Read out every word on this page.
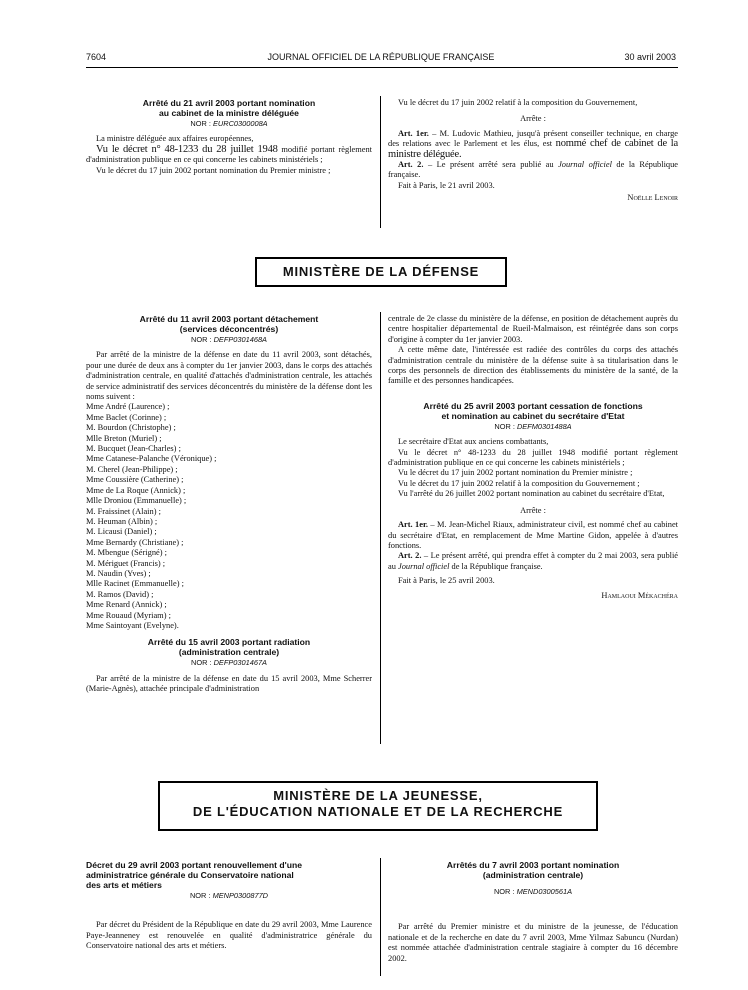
7604	JOURNAL OFFICIEL DE LA RÉPUBLIQUE FRANÇAISE	30 avril 2003
Arrêté du 21 avril 2003 portant nomination
au cabinet de la ministre déléguée
NOR : EURC0300008A

La ministre déléguée aux affaires européennes,

Vu le décret n° 48-1233 du 28 juillet 1948 modifié portant règlement d'administration publique en ce qui concerne les cabinets ministériels ;

Vu le décret du 17 juin 2002 portant nomination du Premier ministre ;

Vu le décret du 17 juin 2002 relatif à la composition du Gouvernement,

Arrête :

Art. 1er. – M. Ludovic Mathieu, jusqu'à présent conseiller technique, en charge des relations avec le Parlement et les élus, est nommé chef de cabinet de la ministre déléguée.

Art. 2. – Le présent arrêté sera publié au Journal officiel de la République française.

Fait à Paris, le 21 avril 2003.

Noëlle Lenoir
MINISTÈRE DE LA DÉFENSE
Arrêté du 11 avril 2003 portant détachement
(services déconcentrés)
NOR : DEFP0301468A

Par arrêté de la ministre de la défense en date du 11 avril 2003, sont détachés, pour une durée de deux ans à compter du 1er janvier 2003, dans le corps des attachés d'administration centrale, en qualité d'attachés d'administration centrale, les attachés de service administratif des services déconcentrés du ministère de la défense dont les noms suivent :

Mme André (Laurence) ;
Mme Baclet (Corinne) ;
M. Bourdon (Christophe) ;
Mlle Breton (Muriel) ;
M. Bucquet (Jean-Charles) ;
Mme Catanese-Palanche (Véronique) ;
M. Cherel (Jean-Philippe) ;
Mme Coussière (Catherine) ;
Mme de La Roque (Annick) ;
Mlle Droniou (Emmanuelle) ;
M. Fraissinet (Alain) ;
M. Heuman (Albin) ;
M. Licausi (Daniel) ;
Mme Bernardy (Christiane) ;
M. Mbengue (Sérigné) ;
M. Mériguet (Francis) ;
M. Naudin (Yves) ;
Mlle Racinet (Emmanuelle) ;
M. Ramos (David) ;
Mme Renard (Annick) ;
Mme Rouaud (Myriam) ;
Mme Saintoyant (Evelyne).
Arrêté du 15 avril 2003 portant radiation
(administration centrale)
NOR : DEFP0301467A

Par arrêté de la ministre de la défense en date du 15 avril 2003, Mme Scherrer (Marie-Agnès), attachée principale d'administration

centrale de 2e classe du ministère de la défense, en position de détachement auprès du centre hospitalier départemental de Rueil-Malmaison, est réintégrée dans son corps d'origine à compter du 1er janvier 2003.

A cette même date, l'intéressée est radiée des contrôles du corps des attachés d'administration centrale du ministère de la défense suite à sa titularisation dans le corps des personnels de direction des établissements du ministère de la santé, de la famille et des personnes handicapées.

Arrêté du 25 avril 2003 portant cessation de fonctions
et nomination au cabinet du secrétaire d'Etat
NOR : DEFM0301488A

Le secrétaire d'Etat aux anciens combattants,

Vu le décret n° 48-1233 du 28 juillet 1948 modifié portant règlement d'administration publique en ce qui concerne les cabinets ministériels ;

Vu le décret du 17 juin 2002 portant nomination du Premier ministre ;

Vu le décret du 17 juin 2002 relatif à la composition du Gouvernement ;

Vu l'arrêté du 26 juillet 2002 portant nomination au cabinet du secrétaire d'Etat,

Arrête :

Art. 1er. – M. Jean-Michel Riaux, administrateur civil, est nommé chef au cabinet du secrétaire d'Etat, en remplacement de Mme Martine Gidon, appelée à d'autres fonctions.

Art. 2. – Le présent arrêté, qui prendra effet à compter du 2 mai 2003, sera publié au Journal officiel de la République française.

Fait à Paris, le 25 avril 2003.

Hamlaoui Mékachéra
MINISTÈRE DE LA JEUNESSE,
DE L'ÉDUCATION NATIONALE ET DE LA RECHERCHE
Décret du 29 avril 2003 portant renouvellement d'une
administratrice générale du Conservatoire national
des arts et métiers
NOR : MENP0300877D

Par décret du Président de la République en date du 29 avril 2003, Mme Laurence Paye-Jeanneney est renouvelée en qualité d'administratrice générale du Conservatoire national des arts et métiers.

Arrêtés du 7 avril 2003 portant nomination
(administration centrale)
NOR : MEND0300561A

Par arrêté du Premier ministre et du ministre de la jeunesse, de l'éducation nationale et de la recherche en date du 7 avril 2003, Mme Yilmaz Sabuncu (Nurdan) est nommée attachée d'administration centrale stagiaire à compter du 16 décembre 2002.
